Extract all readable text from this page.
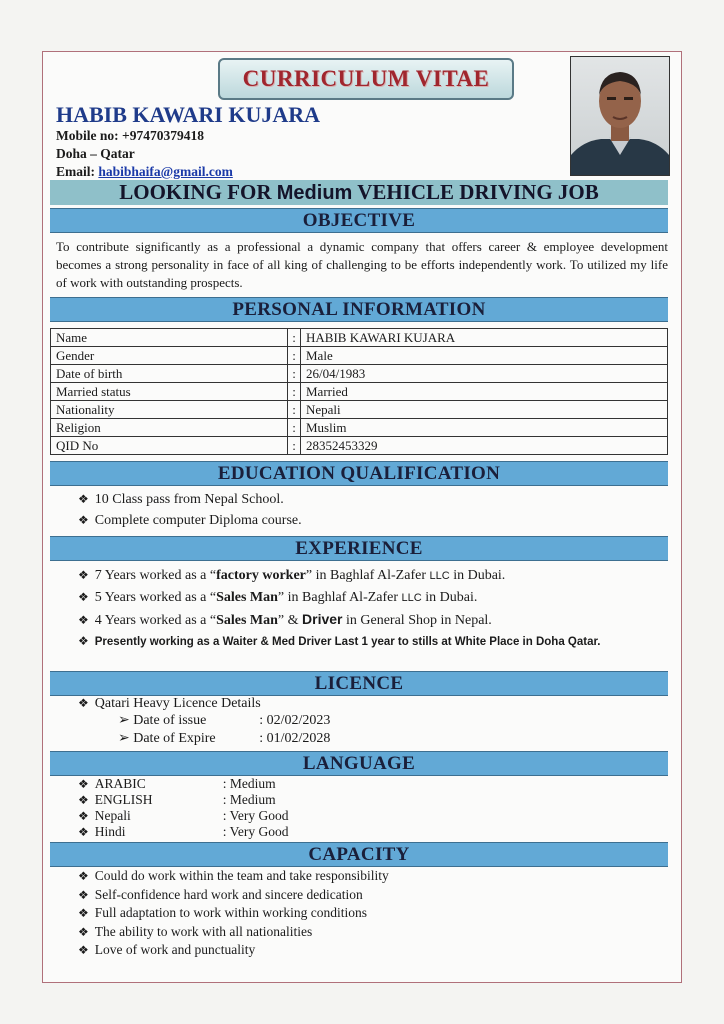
CURRICULUM VITAE
HABIB KAWARI KUJARA
Mobile no: +97470379418
Doha – Qatar
Email: habibhaifa@gmail.com
LOOKING FOR Medium VEHICLE DRIVING JOB
OBJECTIVE
To contribute significantly as a professional a dynamic company that offers career & employee development becomes a strong personality in face of all king of challenging to be efforts independently work. To utilized my life of work with outstanding prospects.
PERSONAL INFORMATION
Name	:	HABIB KAWARI KUJARA
Gender	:	Male
Date of birth	:	26/04/1983
Married status	:	Married
Nationality	:	Nepali
Religion	:	Muslim
QID No	:	28352453329
EDUCATION QUALIFICATION
❖ 10 Class pass from Nepal School.
❖ Complete computer Diploma course.
EXPERIENCE
❖ 7 Years worked as a “factory worker” in Baghlaf Al-Zafer LLC in Dubai.
❖ 5 Years worked as a “Sales Man” in Baghlaf Al-Zafer LLC in Dubai.
❖ 4 Years worked as a “Sales Man” & Driver in General Shop in Nepal.
❖ Presently working as a Waiter & Med Driver Last 1 year to stills at White Place in Doha Qatar.
LICENCE
❖ Qatari Heavy Licence Details
➢ Date of issue	: 02/02/2023
➢ Date of Expire	: 01/02/2028
LANGUAGE
❖ ARABIC	: Medium
❖ ENGLISH	: Medium
❖ Nepali	: Very Good
❖ Hindi	: Very Good
CAPACITY
❖ Could do work within the team and take responsibility
❖ Self-confidence hard work and sincere dedication
❖ Full adaptation to work within working conditions
❖ The ability to work with all nationalities
❖ Love of work and punctuality
